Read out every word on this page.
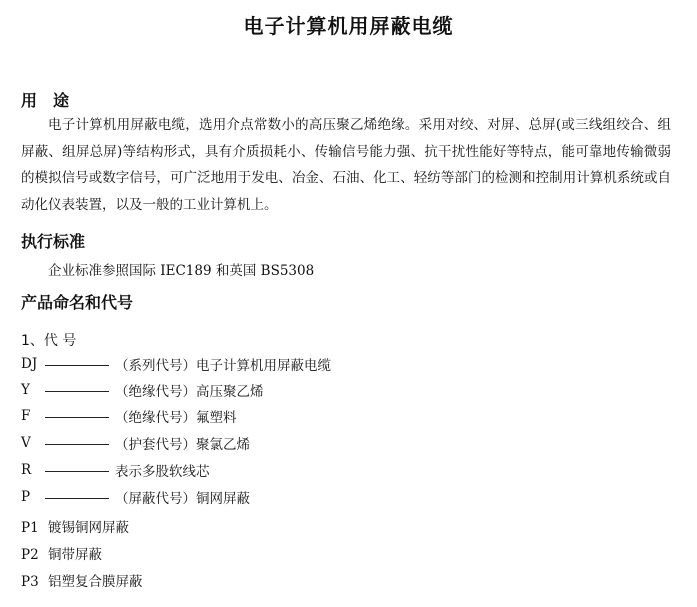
电子计算机用屏蔽电缆
用　途
电子计算机用屏蔽电缆，选用介点常数小的高压聚乙烯绝缘。采用对绞、对屏、总屏(或三线组绞合、组屏蔽、组屏总屏)等结构形式，具有介质损耗小、传输信号能力强、抗干扰性能好等特点，能可靠地传输微弱的模拟信号或数字信号，可广泛地用于发电、冶金、石油、化工、轻纺等部门的检测和控制用计算机系统或自动化仪表装置，以及一般的工业计算机上。
执行标准
企业标准参照国际 IEC189 和英国 BS5308
产品命名和代号
1、代 号
DJ	（系列代号）电子计算机用屏蔽电缆
Y	（绝缘代号）高压聚乙烯
F	（绝缘代号）氟塑料
V	（护套代号）聚氯乙烯
R	表示多股软线芯
P	（屏蔽代号）铜网屏蔽
P1 镀锡铜网屏蔽
P2 铜带屏蔽
P3 铝塑复合膜屏蔽
